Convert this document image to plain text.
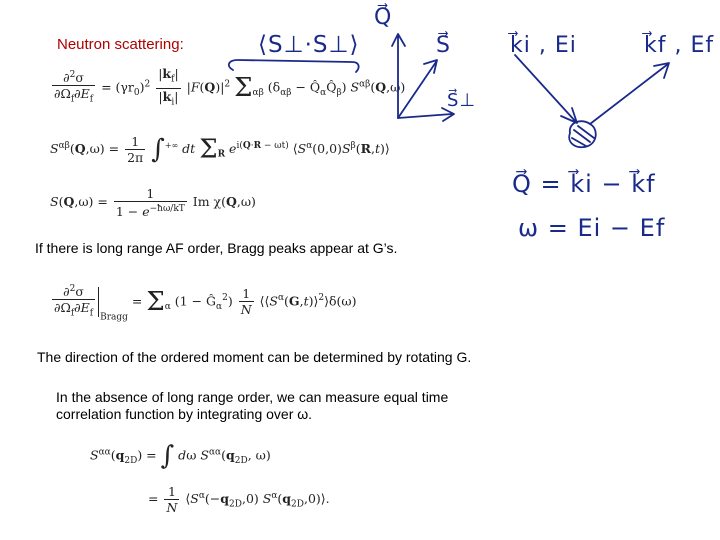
Neutron scattering:
$\frac{\partial^2\sigma}{\partial\Omega_f\partial E_f} = (\gamma r_0)^2 \frac{|k_f|}{|k_i|} |F(Q)|^2$ $\Sigma_{\alpha\beta}$ ($\delta_{\alpha\beta}$ − $Q̂_\alpha Q̂_\beta$) $S^{\alpha\beta}(Q,\omega)$
$S^{\alpha\beta}(Q,\omega) = \frac{1}{2\pi} \int^{+\infty}$ dt $\Sigma_R$ $e^{i(Q\cdot R - \omega t)}$ $⟨S^\alpha(0,0)S^\beta(R,t)⟩$
$S(Q,\omega) = \frac{1}{1 - e^{-ħ\omega/kT}}$ Im χ(Q,ω)
If there is long range AF order, Bragg peaks appear at G’s.
$\frac{\partial^2\sigma}{\partial\Omega_f\partial E_f} _{Bragg} = \Sigma_\alpha$ $(1 - Ĝ_\alpha^2) \frac{1}{N}$ $⟨⟨S^\alpha(G,t)⟩^2⟩\delta(\omega)$
The direction of the ordered moment can be determined by rotating G.
In the absence of long range order, we can measure equal time
correlation function by integrating over ω.
$S^{\alpha\alpha}(q_{2D})$ = ∫ dω $S^{\alpha\alpha}(q_{2D}$, ω)
= $\frac{1}{N}$ $⟨S^\alpha(-q_{2D},0)$ $S^\alpha(q_{2D},0)⟩$.
⟨S⊥·S⊥⟩
Q⃗
S⃗
S⃗⊥
k⃗i , Ei	k⃗f , Ef
Q⃗ = k⃗i − k⃗f
ω = Ei − Ef
